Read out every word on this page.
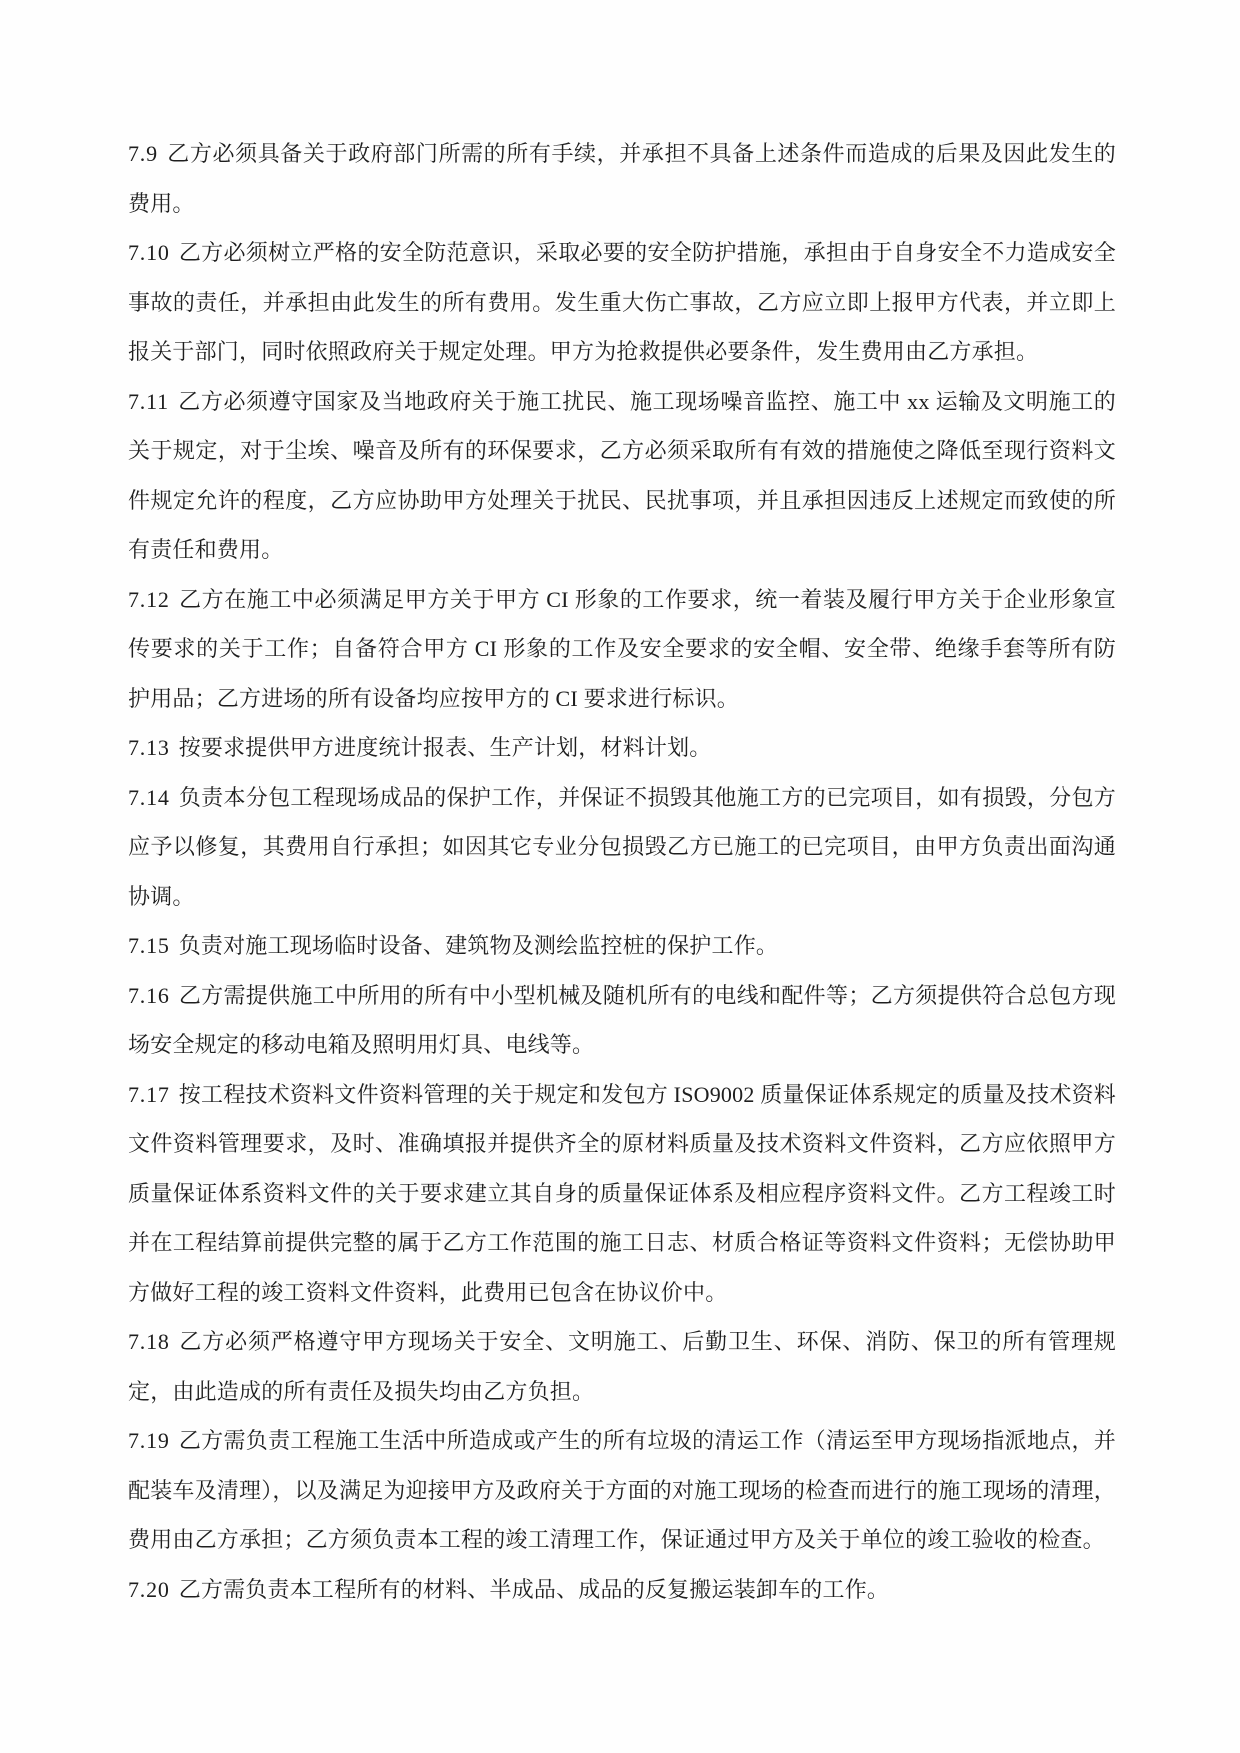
7.9 乙方必须具备关于政府部门所需的所有手续，并承担不具备上述条件而造成的后果及因此发生的费用。

7.10 乙方必须树立严格的安全防范意识，采取必要的安全防护措施，承担由于自身安全不力造成安全事故的责任，并承担由此发生的所有费用。发生重大伤亡事故，乙方应立即上报甲方代表，并立即上报关于部门，同时依照政府关于规定处理。甲方为抢救提供必要条件，发生费用由乙方承担。

7.11 乙方必须遵守国家及当地政府关于施工扰民、施工现场噪音监控、施工中 xx 运输及文明施工的关于规定，对于尘埃、噪音及所有的环保要求，乙方必须采取所有有效的措施使之降低至现行资料文件规定允许的程度，乙方应协助甲方处理关于扰民、民扰事项，并且承担因违反上述规定而致使的所有责任和费用。

7.12 乙方在施工中必须满足甲方关于甲方 CI 形象的工作要求，统一着装及履行甲方关于企业形象宣传要求的关于工作；自备符合甲方 CI 形象的工作及安全要求的安全帽、安全带、绝缘手套等所有防护用品；乙方进场的所有设备均应按甲方的 CI 要求进行标识。

7.13 按要求提供甲方进度统计报表、生产计划，材料计划。

7.14 负责本分包工程现场成品的保护工作，并保证不损毁其他施工方的已完项目，如有损毁，分包方应予以修复，其费用自行承担；如因其它专业分包损毁乙方已施工的已完项目，由甲方负责出面沟通协调。

7.15 负责对施工现场临时设备、建筑物及测绘监控桩的保护工作。

7.16 乙方需提供施工中所用的所有中小型机械及随机所有的电线和配件等；乙方须提供符合总包方现场安全规定的移动电箱及照明用灯具、电线等。

7.17 按工程技术资料文件资料管理的关于规定和发包方 ISO9002 质量保证体系规定的质量及技术资料文件资料管理要求，及时、准确填报并提供齐全的原材料质量及技术资料文件资料，乙方应依照甲方质量保证体系资料文件的关于要求建立其自身的质量保证体系及相应程序资料文件。乙方工程竣工时并在工程结算前提供完整的属于乙方工作范围的施工日志、材质合格证等资料文件资料；无偿协助甲方做好工程的竣工资料文件资料，此费用已包含在协议价中。

7.18 乙方必须严格遵守甲方现场关于安全、文明施工、后勤卫生、环保、消防、保卫的所有管理规定，由此造成的所有责任及损失均由乙方负担。

7.19 乙方需负责工程施工生活中所造成或产生的所有垃圾的清运工作（清运至甲方现场指派地点，并配装车及清理），以及满足为迎接甲方及政府关于方面的对施工现场的检查而进行的施工现场的清理，费用由乙方承担；乙方须负责本工程的竣工清理工作，保证通过甲方及关于单位的竣工验收的检查。

7.20 乙方需负责本工程所有的材料、半成品、成品的反复搬运装卸车的工作。
